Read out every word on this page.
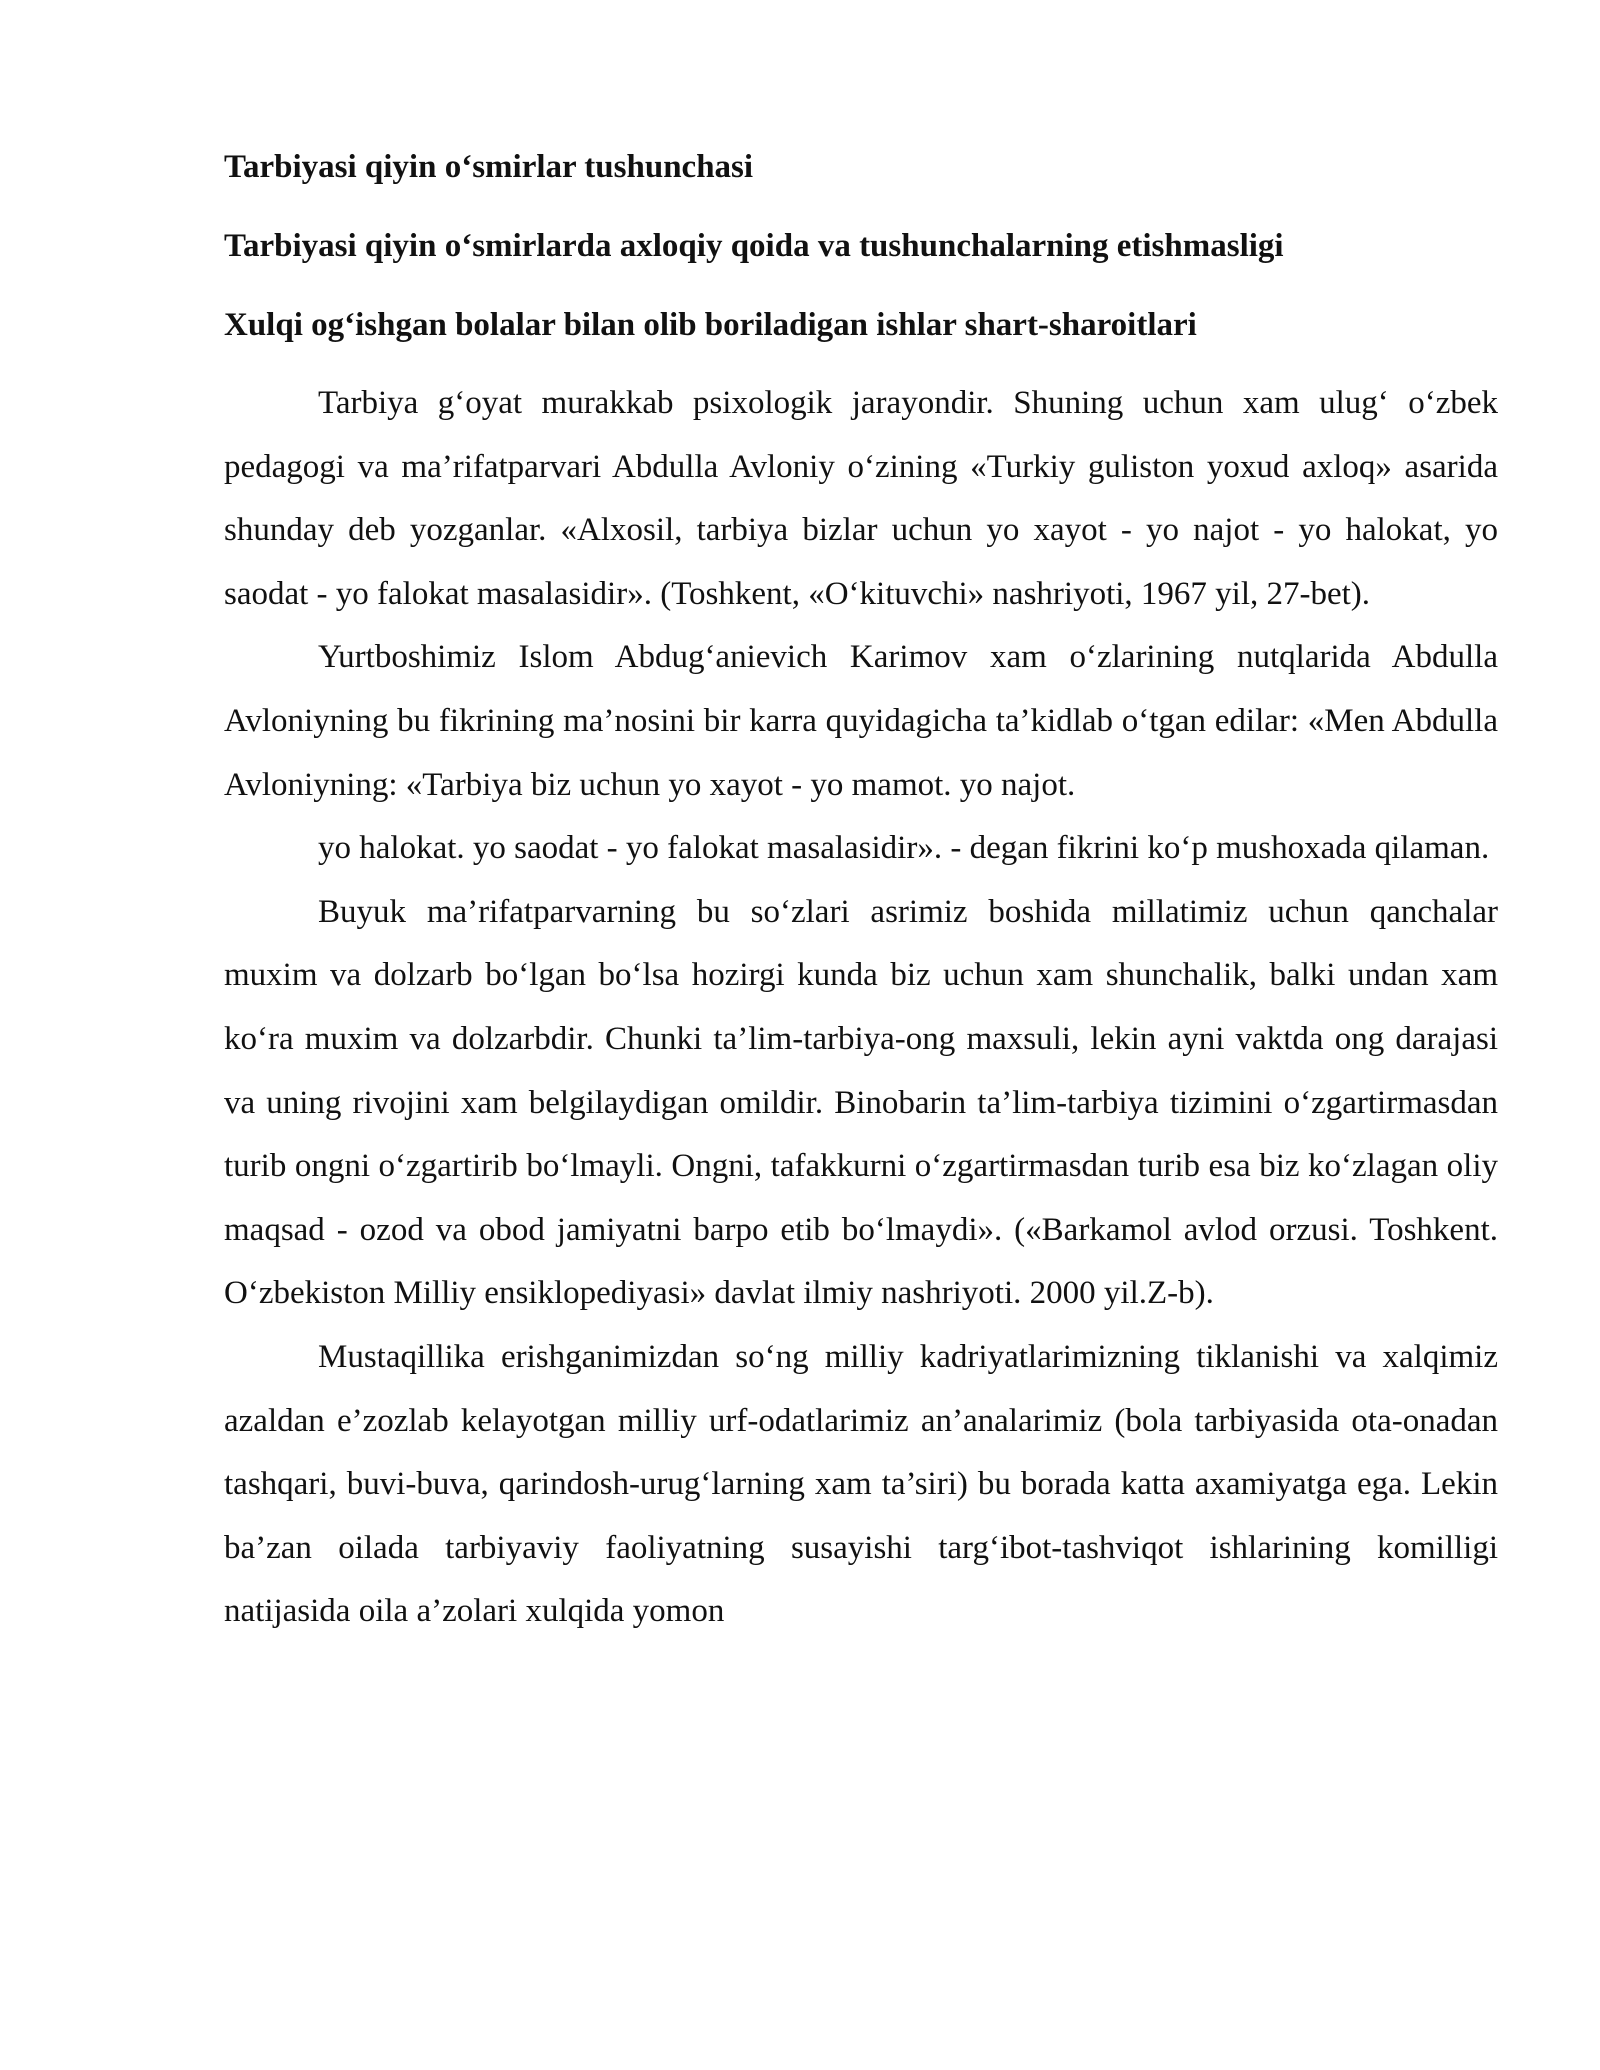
Tarbiyasi qiyin o‘smirlar tushunchasi

Tarbiyasi qiyin o‘smirlarda axloqiy qoida va tushunchalarning etishmasligi

Xulqi og‘ishgan bolalar bilan olib boriladigan ishlar shart-sharoitlari

Tarbiya g‘oyat murakkab psixologik jarayondir. Shuning uchun xam ulug‘ o‘zbek pedagogi va ma’rifatparvari Abdulla Avloniy o‘zining «Turkiy guliston yoxud axloq» asarida shunday deb yozganlar. «Alxosil, tarbiya bizlar uchun yo xayot - yo najot - yo halokat, yo saodat - yo falokat masalasidir». (Toshkent, «O‘kituvchi» nashriyoti, 1967 yil, 27-bet).

Yurtboshimiz Islom Abdug‘anievich Karimov xam o‘zlarining nutqlarida Abdulla Avloniyning bu fikrining ma’nosini bir karra quyidagicha ta’kidlab o‘tgan edilar: «Men Abdulla Avloniyning: «Tarbiya biz uchun yo xayot - yo mamot. yo najot.

yo halokat. yo saodat - yo falokat masalasidir». - degan fikrini ko‘p mushoxada qilaman.

Buyuk ma’rifatparvarning bu so‘zlari asrimiz boshida millatimiz uchun qanchalar muxim va dolzarb bo‘lgan bo‘lsa hozirgi kunda biz uchun xam shunchalik, balki undan xam ko‘ra muxim va dolzarbdir. Chunki ta’lim-tarbiya-ong maxsuli, lekin ayni vaktda ong darajasi va uning rivojini xam belgilaydigan omildir. Binobarin ta’lim-tarbiya tizimini o‘zgartirmasdan turib ongni o‘zgartirib bo‘lmayli. Ongni, tafakkurni o‘zgartirmasdan turib esa biz ko‘zlagan oliy maqsad - ozod va obod jamiyatni barpo etib bo‘lmaydi». («Barkamol avlod orzusi. Toshkent. O‘zbekiston Milliy ensiklopediyasi» davlat ilmiy nashriyoti. 2000 yil.Z-b).

Mustaqillika erishganimizdan so‘ng milliy kadriyatlarimizning tiklanishi va xalqimiz azaldan e’zozlab kelayotgan milliy urf-odatlarimiz an’analarimiz (bola tarbiyasida ota-onadan tashqari, buvi-buva, qarindosh-urug‘larning xam ta’siri) bu borada katta axamiyatga ega. Lekin ba’zan oilada tarbiyaviy faoliyatning susayishi targ‘ibot-tashviqot ishlarining komilligi natijasida oila a’zolari xulqida yomon
